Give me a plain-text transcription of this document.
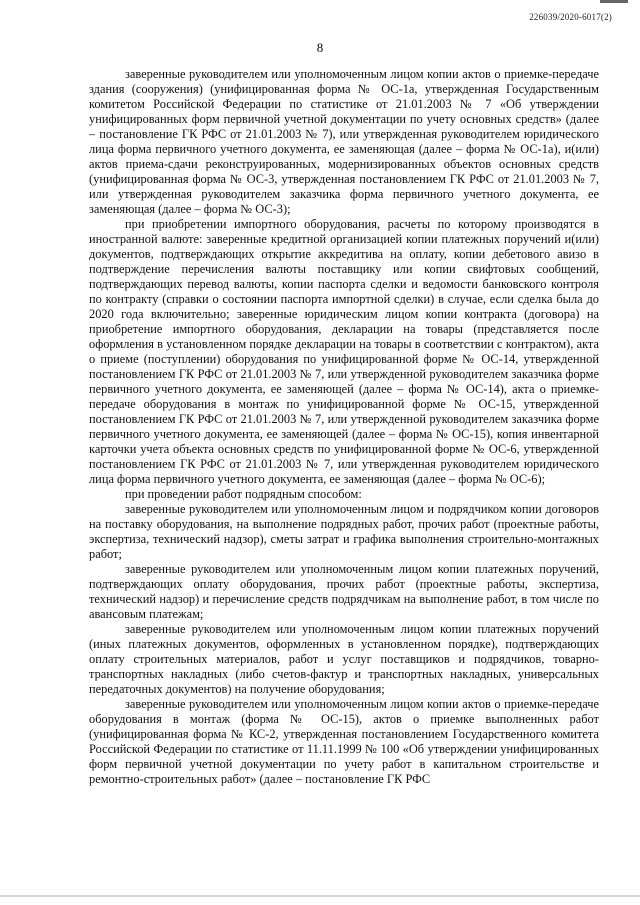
226039/2020-6017(2)
8

заверенные руководителем или уполномоченным лицом копии актов о приемке-передаче здания (сооружения) (унифицированная форма № ОС-1а, утвержденная Государственным комитетом Российской Федерации по статистике от 21.01.2003 № 7 «Об утверждении унифицированных форм первичной учетной документации по учету основных средств» (далее – постановление ГК РФС от 21.01.2003 № 7), или утвержденная руководителем юридического лица форма первичного учетного документа, ее заменяющая (далее – форма № ОС-1а), и(или) актов приема-сдачи реконструированных, модернизированных объектов основных средств (унифицированная форма № ОС-3, утвержденная постановлением ГК РФС от 21.01.2003 № 7, или утвержденная руководителем заказчика форма первичного учетного документа, ее заменяющая (далее – форма № ОС-3);

при приобретении импортного оборудования, расчеты по которому производятся в иностранной валюте: заверенные кредитной организацией копии платежных поручений и(или) документов, подтверждающих открытие аккредитива на оплату, копии дебетового авизо в подтверждение перечисления валюты поставщику или копии свифтовых сообщений, подтверждающих перевод валюты, копии паспорта сделки и ведомости банковского контроля по контракту (справки о состоянии паспорта импортной сделки) в случае, если сделка была до 2020 года включительно; заверенные юридическим лицом копии контракта (договора) на приобретение импортного оборудования, декларации на товары (представляется после оформления в установленном порядке декларации на товары в соответствии с контрактом), акта о приеме (поступлении) оборудования по унифицированной форме № ОС-14, утвержденной постановлением ГК РФС от 21.01.2003 № 7, или утвержденной руководителем заказчика форме первичного учетного документа, ее заменяющей (далее – форма № ОС-14), акта о приемке-передаче оборудования в монтаж по унифицированной форме № ОС-15, утвержденной постановлением ГК РФС от 21.01.2003 № 7, или утвержденной руководителем заказчика форме первичного учетного документа, ее заменяющей (далее – форма № ОС-15), копия инвентарной карточки учета объекта основных средств по унифицированной форме № ОС-6, утвержденной постановлением ГК РФС от 21.01.2003 № 7, или утвержденная руководителем юридического лица форма первичного учетного документа, ее заменяющая (далее – форма № ОС-6);

при проведении работ подрядным способом:

заверенные руководителем или уполномоченным лицом и подрядчиком копии договоров на поставку оборудования, на выполнение подрядных работ, прочих работ (проектные работы, экспертиза, технический надзор), сметы затрат и графика выполнения строительно-монтажных работ;

заверенные руководителем или уполномоченным лицом копии платежных поручений, подтверждающих оплату оборудования, прочих работ (проектные работы, экспертиза, технический надзор) и перечисление средств подрядчикам на выполнение работ, в том числе по авансовым платежам;

заверенные руководителем или уполномоченным лицом копии платежных поручений (иных платежных документов, оформленных в установленном порядке), подтверждающих оплату строительных материалов, работ и услуг поставщиков и подрядчиков, товарно-транспортных накладных (либо счетов-фактур и транспортных накладных, универсальных передаточных документов) на получение оборудования;

заверенные руководителем или уполномоченным лицом копии актов о приемке-передаче оборудования в монтаж (форма № ОС-15), актов о приемке выполненных работ (унифицированная форма № КС-2, утвержденная постановлением Государственного комитета Российской Федерации по статистике от 11.11.1999 № 100 «Об утверждении унифицированных форм первичной учетной документации по учету работ в капитальном строительстве и ремонтно-строительных работ» (далее – постановление ГК РФС
